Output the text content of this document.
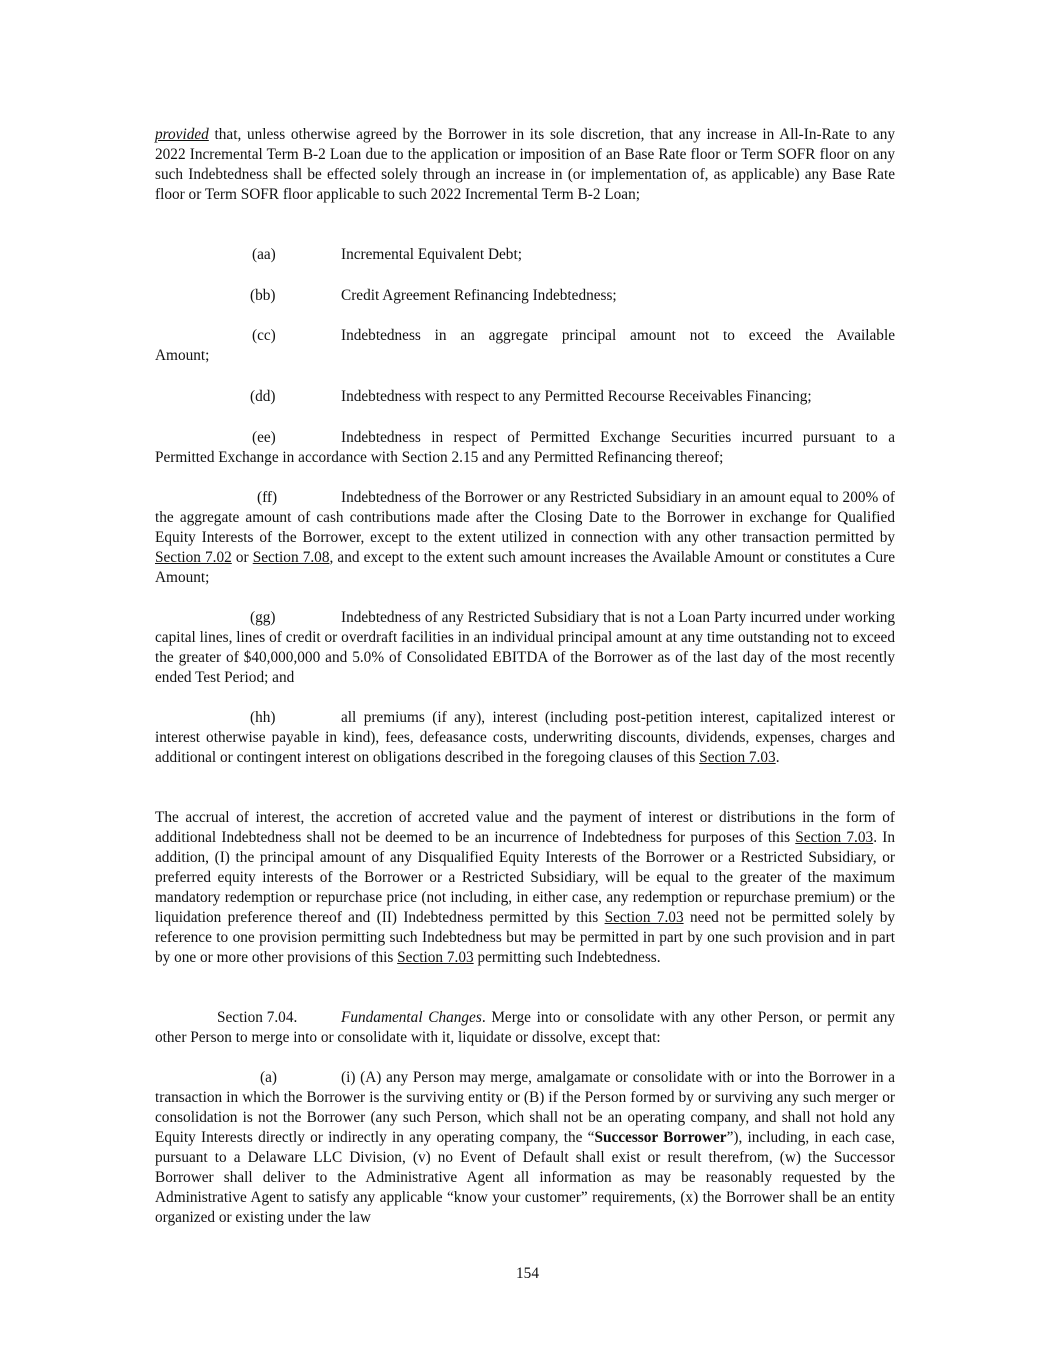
provided that, unless otherwise agreed by the Borrower in its sole discretion, that any increase in All-In-Rate to any 2022 Incremental Term B-2 Loan due to the application or imposition of an Base Rate floor or Term SOFR floor on any such Indebtedness shall be effected solely through an increase in (or implementation of, as applicable) any Base Rate floor or Term SOFR floor applicable to such 2022 Incremental Term B-2 Loan;

(aa)	Incremental Equivalent Debt;
(bb)	Credit Agreement Refinancing Indebtedness;
(cc)	Indebtedness in an aggregate principal amount not to exceed the Available
Amount;
(dd)	Indebtedness with respect to any Permitted Recourse Receivables Financing;
(ee)	Indebtedness in respect of Permitted Exchange Securities incurred pursuant to a
Permitted Exchange in accordance with Section 2.15 and any Permitted Refinancing thereof;

(ff)	Indebtedness of the Borrower or any Restricted Subsidiary in an amount equal to 200% of the aggregate amount of cash contributions made after the Closing Date to the Borrower in exchange for Qualified Equity Interests of the Borrower, except to the extent utilized in connection with any other transaction permitted by Section 7.02 or Section 7.08, and except to the extent such amount increases the Available Amount or constitutes a Cure Amount;

(gg)	Indebtedness of any Restricted Subsidiary that is not a Loan Party incurred under working capital lines, lines of credit or overdraft facilities in an individual principal amount at any time outstanding not to exceed the greater of $40,000,000 and 5.0% of Consolidated EBITDA of the Borrower as of the last day of the most recently ended Test Period; and

(hh)	all premiums (if any), interest (including post-petition interest, capitalized interest or interest otherwise payable in kind), fees, defeasance costs, underwriting discounts, dividends, expenses, charges and additional or contingent interest on obligations described in the foregoing clauses of this Section 7.03.

The accrual of interest, the accretion of accreted value and the payment of interest or distributions in the form of additional Indebtedness shall not be deemed to be an incurrence of Indebtedness for purposes of this Section 7.03. In addition, (I) the principal amount of any Disqualified Equity Interests of the Borrower or a Restricted Subsidiary, or preferred equity interests of the Borrower or a Restricted Subsidiary, will be equal to the greater of the maximum mandatory redemption or repurchase price (not including, in either case, any redemption or repurchase premium) or the liquidation preference thereof and (II) Indebtedness permitted by this Section 7.03 need not be permitted solely by reference to one provision permitting such Indebtedness but may be permitted in part by one such provision and in part by one or more other provisions of this Section 7.03 permitting such Indebtedness.

Section 7.04.	Fundamental Changes. Merge into or consolidate with any other Person, or permit any other Person to merge into or consolidate with it, liquidate or dissolve, except that:

(a)	(i) (A) any Person may merge, amalgamate or consolidate with or into the Borrower in a transaction in which the Borrower is the surviving entity or (B) if the Person formed by or surviving any such merger or consolidation is not the Borrower (any such Person, which shall not be an operating company, and shall not hold any Equity Interests directly or indirectly in any operating company, the “Successor Borrower”), including, in each case, pursuant to a Delaware LLC Division, (v) no Event of Default shall exist or result therefrom, (w) the Successor Borrower shall deliver to the Administrative Agent all information as may be reasonably requested by the Administrative Agent to satisfy any applicable “know your customer” requirements, (x) the Borrower shall be an entity organized or existing under the law

154
